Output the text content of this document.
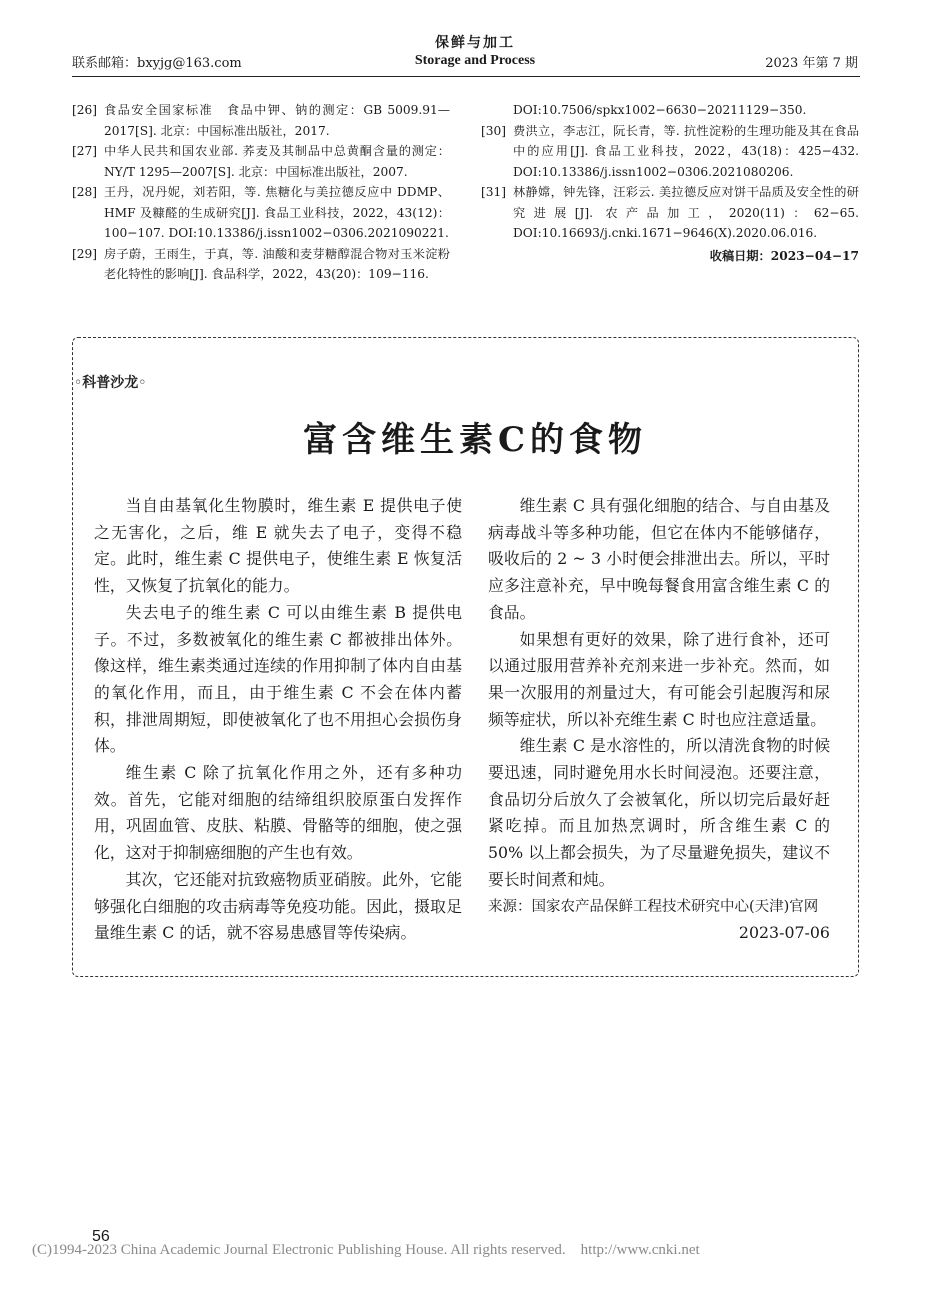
联系邮箱：bxyjg@163.com
保鲜与加工
Storage and Process	2023 年第 7 期
[26] 食品安全国家标准　食品中钾、钠的测定：GB 5009.91—2017[S]. 北京：中国标准出版社，2017.
[27] 中华人民共和国农业部. 荞麦及其制品中总黄酮含量的测定：NY/T 1295—2007[S]. 北京：中国标准出版社，2007.
[28] 王丹，况丹妮，刘若阳，等. 焦糖化与美拉德反应中 DDMP、HMF 及糠醛的生成研究[J]. 食品工业科技，2022，43(12)：100−107. DOI:10.13386/j.issn1002−0306.2021090221.
[29] 房子蔚，王雨生，于真，等. 油酸和麦芽糖醇混合物对玉米淀粉老化特性的影响[J]. 食品科学，2022，43(20)：109−116.
DOI:10.7506/spkx1002−6630−20211129−350.
[30] 费洪立，李志江，阮长青，等. 抗性淀粉的生理功能及其在食品中的应用[J]. 食品工业科技，2022，43(18)：425−432. DOI:10.13386/j.issn1002−0306.2021080206.
[31] 林静嫦，钟先锋，汪彩云. 美拉德反应对饼干品质及安全性的研究进展[J]. 农产品加工，2020(11)：62−65. DOI:10.16693/j.cnki.1671−9646(X).2020.06.016.
收稿日期：2023−04−17
◦科普沙龙◦
富含维生素C的食物

当自由基氧化生物膜时，维生素 E 提供电子使之无害化，之后，维 E 就失去了电子，变得不稳定。此时，维生素 C 提供电子，使维生素 E 恢复活性，又恢复了抗氧化的能力。

失去电子的维生素 C 可以由维生素 B 提供电子。不过，多数被氧化的维生素 C 都被排出体外。像这样，维生素类通过连续的作用抑制了体内自由基的氧化作用，而且，由于维生素 C 不会在体内蓄积，排泄周期短，即使被氧化了也不用担心会损伤身体。

维生素 C 除了抗氧化作用之外，还有多种功效。首先，它能对细胞的结缔组织胶原蛋白发挥作用，巩固血管、皮肤、粘膜、骨骼等的细胞，使之强化，这对于抑制癌细胞的产生也有效。

其次，它还能对抗致癌物质亚硝胺。此外，它能够强化白细胞的攻击病毒等免疫功能。因此，摄取足量维生素 C 的话，就不容易患感冒等传染病。

维生素 C 具有强化细胞的结合、与自由基及病毒战斗等多种功能，但它在体内不能够储存，吸收后的 2 ~ 3 小时便会排泄出去。所以，平时应多注意补充，早中晚每餐食用富含维生素 C 的食品。

如果想有更好的效果，除了进行食补，还可以通过服用营养补充剂来进一步补充。然而，如果一次服用的剂量过大，有可能会引起腹泻和尿频等症状，所以补充维生素 C 时也应注意适量。

维生素 C 是水溶性的，所以清洗食物的时候要迅速，同时避免用水长时间浸泡。还要注意，食品切分后放久了会被氧化，所以切完后最好赶紧吃掉。而且加热烹调时，所含维生素 C 的 50% 以上都会损失，为了尽量避免损失，建议不要长时间煮和炖。

来源：国家农产品保鲜工程技术研究中心(天津)官网

2023-07-06

56
(C)1994-2023 China Academic Journal Electronic Publishing House. All rights reserved.    http://www.cnki.net
